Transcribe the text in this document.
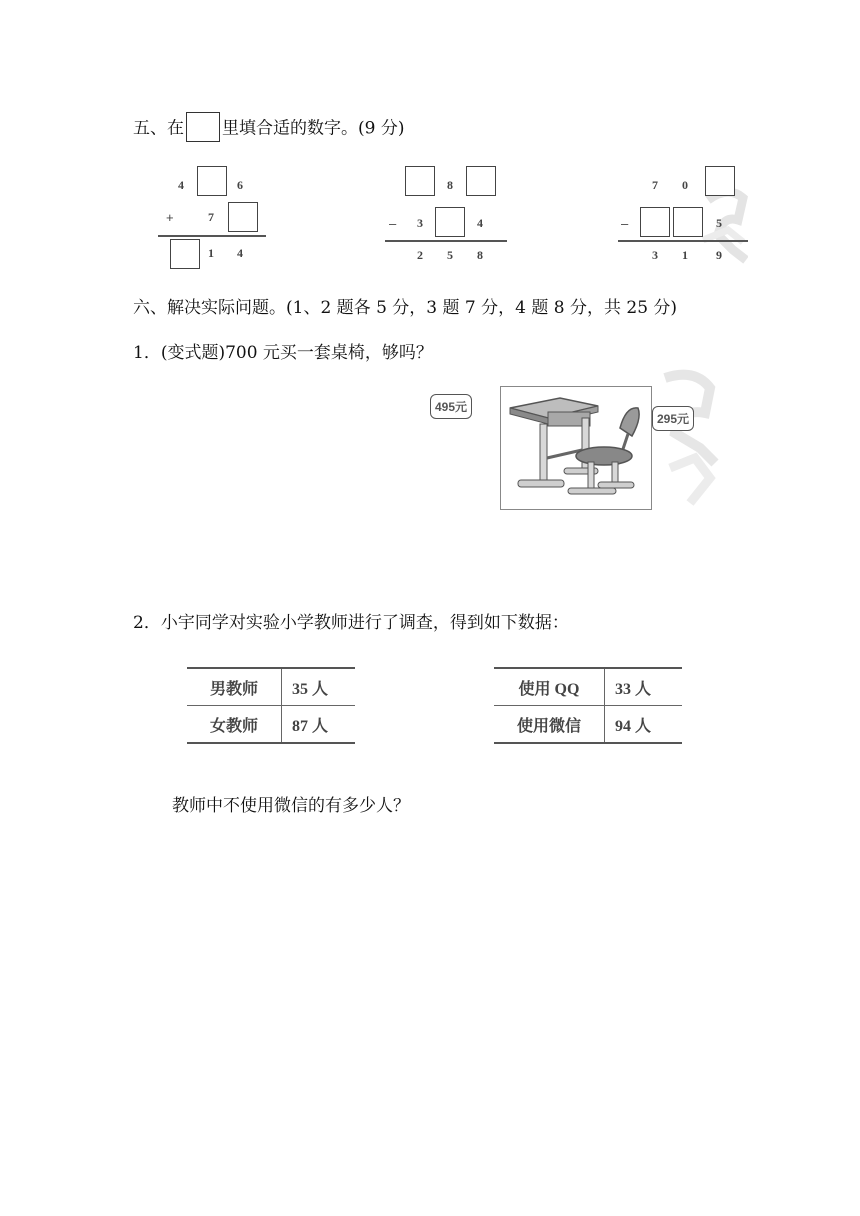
五、在 里填合适的数字。(9 分)
4	6
+	7
1 4
8
– 3	4
2 5 8
7 0
–	5
3 1 9
六、解决实际问题。(1、2 题各 5 分，3 题 7 分，4 题 8 分，共 25 分)
1．(变式题)700 元买一套桌椅，够吗？
495元
295元
2．小宇同学对实验小学教师进行了调查，得到如下数据：
男教师	35 人
女教师	87 人
使用 QQ	33 人
使用微信	94 人
教师中不使用微信的有多少人？
